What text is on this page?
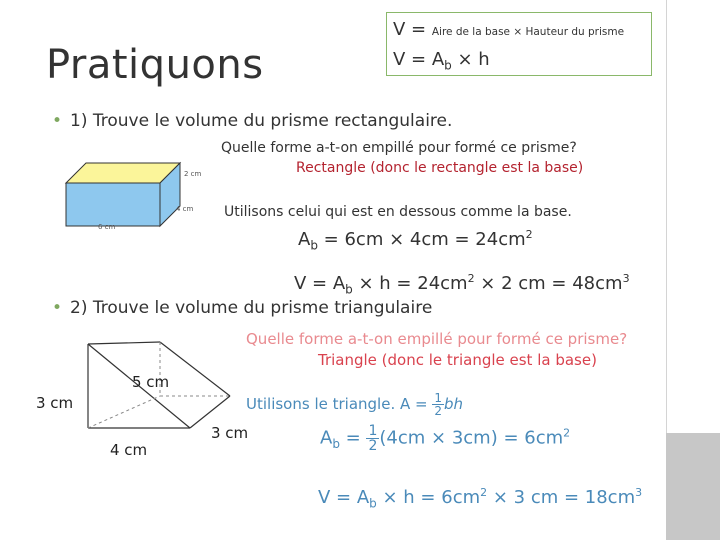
Pratiquons
V = Aire de la base × Hauteur du prisme
$V = A_b \times h$
• 1) Trouve le volume du prisme rectangulaire.
2 cm
4 cm
6 cm
Quelle forme a-t-on empillé pour formé ce prisme?
Rectangle (donc le rectangle est la base)
Utilisons celui qui est en dessous comme la base.
$A_b = 6cm \times 4cm = 24cm^2$
$V = A_b \times h = 24cm^2 \times 2$ cm = $48cm^3$
• 2) Trouve le volume du prisme triangulaire
5 cm
3 cm
4 cm
3 cm
Quelle forme a-t-on empillé pour formé ce prisme?
Triangle (donc le triangle est la base)
Utilisons le triangle. $A = \frac{1}{2}$ bh
$A_b = \frac{1}{2} (4cm \times 3cm) = 6cm^2$
$V = A_b \times h = 6cm^2 \times 3$ cm = $18cm^3$
